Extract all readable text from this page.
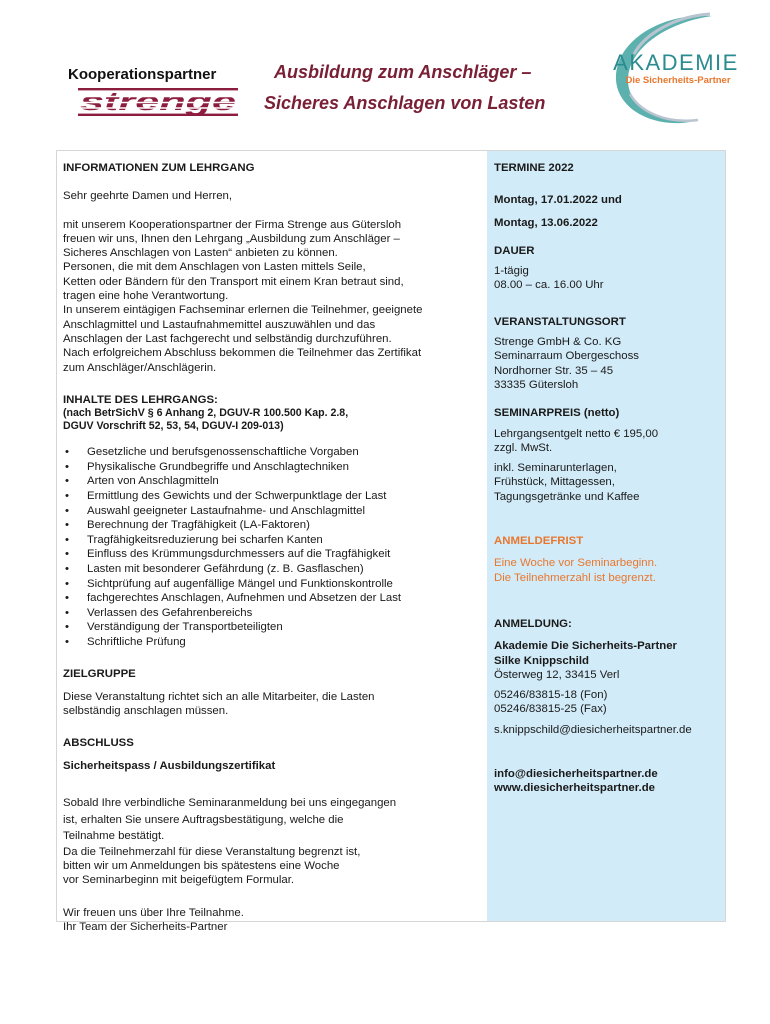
Kooperationspartner
strenge
Ausbildung zum Anschläger –
Sicheres Anschlagen von Lasten
AKADEMIE
Die Sicherheits-Partner

INFORMATIONEN ZUM LEHRGANG

Sehr geehrte Damen und Herren,

mit unserem Kooperationspartner der Firma Strenge aus Gütersloh

freuen wir uns, Ihnen den Lehrgang „Ausbildung zum Anschläger –

Sicheres Anschlagen von Lasten“ anbieten zu können.

Personen, die mit dem Anschlagen von Lasten mittels Seile,

Ketten oder Bändern für den Transport mit einem Kran betraut sind,

tragen eine hohe Verantwortung.

In unserem eintägigen Fachseminar erlernen die Teilnehmer, geeignete

Anschlagmittel und Lastaufnahmemittel auszuwählen und das

Anschlagen der Last fachgerecht und selbständig durchzuführen.

Nach erfolgreichem Abschluss bekommen die Teilnehmer das Zertifikat

zum Anschläger/Anschlägerin.

INHALTE DES LEHRGANGS:

(nach BetrSichV § 6 Anhang 2, DGUV-R 100.500 Kap. 2.8,

DGUV Vorschrift 52, 53, 54, DGUV-I 209-013)

• Gesetzliche und berufsgenossenschaftliche Vorgaben
• Physikalische Grundbegriffe und Anschlagtechniken
• Arten von Anschlagmitteln
• Ermittlung des Gewichts und der Schwerpunktlage der Last
• Auswahl geeigneter Lastaufnahme- und Anschlagmittel
• Berechnung der Tragfähigkeit (LA-Faktoren)
• Tragfähigkeitsreduzierung bei scharfen Kanten
• Einfluss des Krümmungsdurchmessers auf die Tragfähigkeit
• Lasten mit besonderer Gefährdung (z. B. Gasflaschen)
• Sichtprüfung auf augenfällige Mängel und Funktionskontrolle
• fachgerechtes Anschlagen, Aufnehmen und Absetzen der Last
• Verlassen des Gefahrenbereichs
• Verständigung der Transportbeteiligten
• Schriftliche Prüfung

ZIELGRUPPE

Diese Veranstaltung richtet sich an alle Mitarbeiter, die Lasten

selbständig anschlagen müssen.

ABSCHLUSS

Sicherheitspass / Ausbildungszertifikat

Sobald Ihre verbindliche Seminaranmeldung bei uns eingegangen

ist, erhalten Sie unsere Auftragsbestätigung, welche die

Teilnahme bestätigt.

Da die Teilnehmerzahl für diese Veranstaltung begrenzt ist,

bitten wir um Anmeldungen bis spätestens eine Woche

vor Seminarbeginn mit beigefügtem Formular.

Wir freuen uns über Ihre Teilnahme.

Ihr Team der Sicherheits-Partner

TERMINE 2022

Montag, 17.01.2022 und

Montag, 13.06.2022

DAUER

1-tägig

08.00 – ca. 16.00 Uhr

VERANSTALTUNGSORT

Strenge GmbH & Co. KG

Seminarraum Obergeschoss

Nordhorner Str. 35 – 45

33335 Gütersloh

SEMINARPREIS (netto)

Lehrgangsentgelt netto € 195,00

zzgl. MwSt.

inkl. Seminarunterlagen,

Frühstück, Mittagessen,

Tagungsgetränke und Kaffee

ANMELDEFRIST

Eine Woche vor Seminarbeginn.

Die Teilnehmerzahl ist begrenzt.

ANMELDUNG:

Akademie Die Sicherheits-Partner

Silke Knippschild

Österweg 12, 33415 Verl

05246/83815-18 (Fon)

05246/83815-25 (Fax)

s.knippschild@diesicherheitspartner.de

info@diesicherheitspartner.de

www.diesicherheitspartner.de
